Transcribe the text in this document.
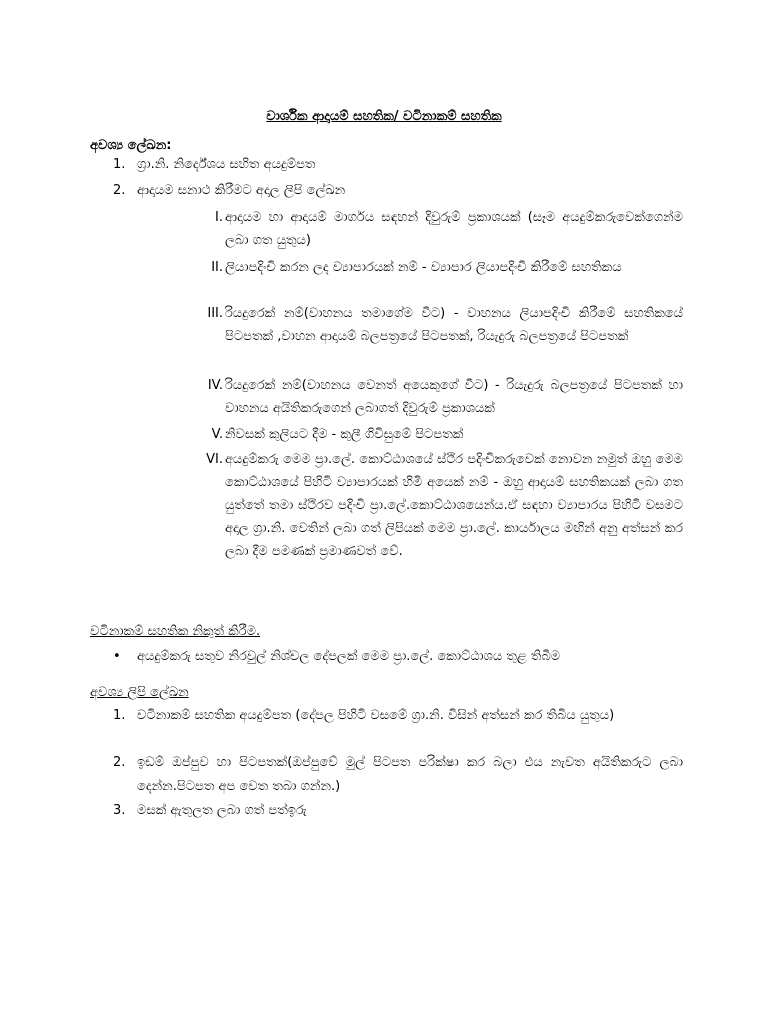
වාර්ශික ආදායම් සහතික/ වටිනාකම් සහතික
අවශ්‍ය ලේඛන:
1. ග්‍රා.නි. නිර්දේශය සහිත අයදුම්පත
2. ආදායම සනාථ කිරීමට අදාල ලිපි ලේඛන
I. ආදායම හා ආදායම් මාර්ගය සඳහන් දිවුරුම් ප්‍රකාශයක් (සෑම අයදුම්කරුවෙක්ගෙන්ම ලබා ගත යුතුය)
II. ලියාපදිංචි කරන ලද ව්‍යාපාරයක් නම් - ව්‍යාපාර ලියාපදිංචි කිරීමේ සහතිකය
III. රියදුරෙක් නම්(වාහනය තමාගේම වීට) - වාහනය ලියාපදිංචි කිරීමේ සහතිකයේ පිටපතක් ,වාහන ආදායම් බලපත්‍රයේ පිටපතක්, රියැදුරු බලපත්‍රයේ පිටපතක්
IV. රියදුරෙක් නම්(වාහනය වෙනත් අයෙකුගේ වීට) - රියැදුරු බලපත්‍රයේ පිටපතක් හා වාහනය අයිතිකරුගෙන් ලබාගත් දිවුරුම් ප්‍රකාශයක්
V. නිවසක් කුලියට දීම - කුලී ගිවිසුමේ පිටපතක්
VI. අයදුම්කරු මෙම ප්‍රා.ලේ. කොට්ඨාශයේ ස්ථිර පදිංචිකරුවෙක් නොවන නමුත් ඔහු මෙම කොට්ඨාශයේ පිහිටි ව්‍යාපාරයක් හිමි අයෙක් නම් - ඔහු ආදායම් සහතිකයක් ලබා ගත යුත්තේ තමා ස්ථිරව පදිංචි ප්‍රා.ලේ.කොට්ඨාශයෙන්ය.ඒ සඳහා ව්‍යාපාරය පිහිටි වසමට අදාල ග්‍රා.නි. වෙතින් ලබා ගත් ලිපියක් මෙම ප්‍රා.ලේ. කාර්යාලය මඟින් අනු අත්සන් කර ලබා දීම පමණක් ප්‍රමාණවත් වේ.
වටිනාකම් සහතික නිකුත් කිරීම.
• අයදුම්කරු සතුව නිරවුල් නිශ්චල දේපලක් මෙම ප්‍රා.ලේ. කොට්ඨාශය තුළ තිබීම
අවශ්‍ය ලිපි ලේඛන
1. වටිනාකම් සහතික අයදුම්පත (දේපල පිහිටි වසමේ ග්‍රා.නි. විසින් අත්සන් කර තිබිය යුතුය)
2. ඉඩම් ඔප්පුව හා පිටපතක්(ඔප්පුවේ මුල් පිටපත පරික්ෂා කර බලා එය නැවත අයිතිකරුට ලබා දෙන්න.පිටපත අප වෙත තබා ගන්න.)
3. මසක් ඇතුලත ලබා ගත් පත්ඉරු
